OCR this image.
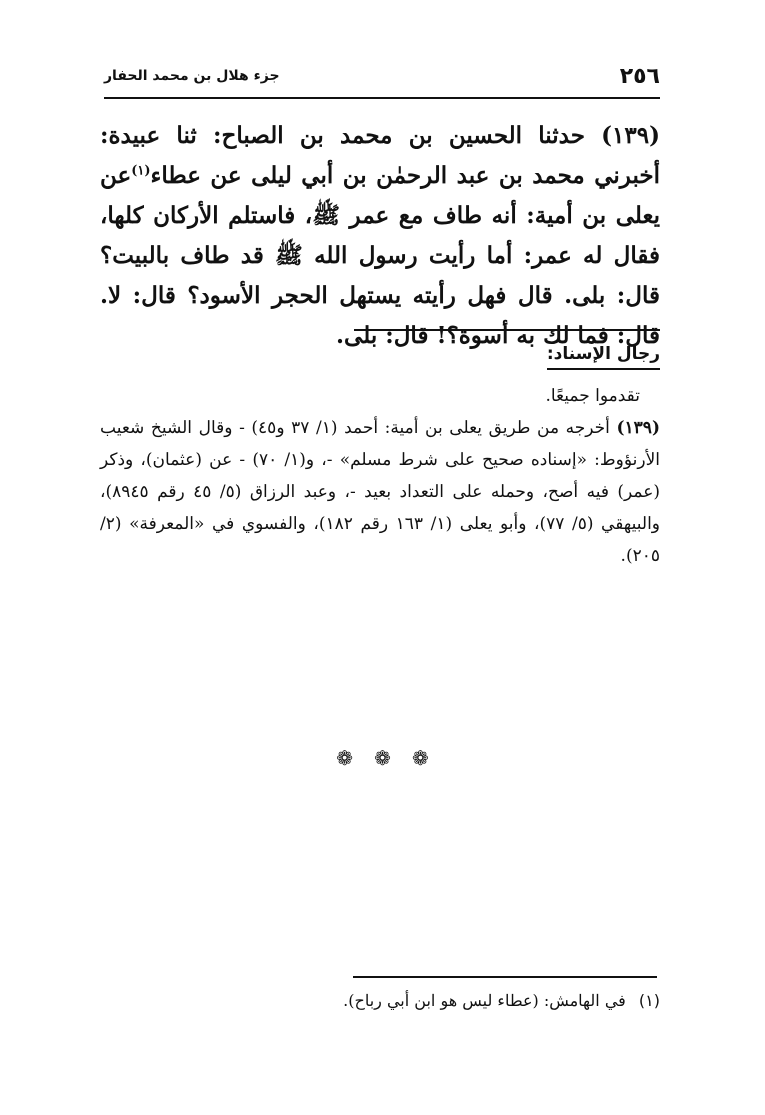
٢٥٦
جزء هلال بن محمد الحفار
(١٣٩) حدثنا الحسين بن محمد بن الصباح: ثنا عبيدة: أخبرني محمد بن عبد الرحمٰن بن أبي ليلى عن عطاء$^{(١)}$عن يعلى بن أمية: أنه طاف مع عمر ﷺ، فاستلم الأركان كلها، فقال له عمر: أما رأيت رسول الله ﷺ قد طاف بالبيت؟ قال: بلى. قال فهل رأيته يستهل الحجر الأسود؟ قال: لا. قال: فما لك به أسوة؟! قال: بلى.
رجال الإسناد:

تقدموا جميعًا.

(١٣٩) أخرجه من طريق يعلى بن أمية: أحمد (١/ ٣٧ و٤٥) - وقال الشيخ شعيب الأرنؤوط: «إسناده صحيح على شرط مسلم» -، و(١/ ٧٠) - عن (عثمان)، وذكر (عمر) فيه أصح، وحمله على التعداد بعيد -، وعبد الرزاق (٥/ ٤٥ رقم ٨٩٤٥)، والبيهقي (٥/ ٧٧)، وأبو يعلى (١/ ١٦٣ رقم ١٨٢)، والفسوي في «المعرفة» (٢/ ٢٠٥).

❁ ❁ ❁
(١) في الهامش: (عطاء ليس هو ابن أبي رباح).
